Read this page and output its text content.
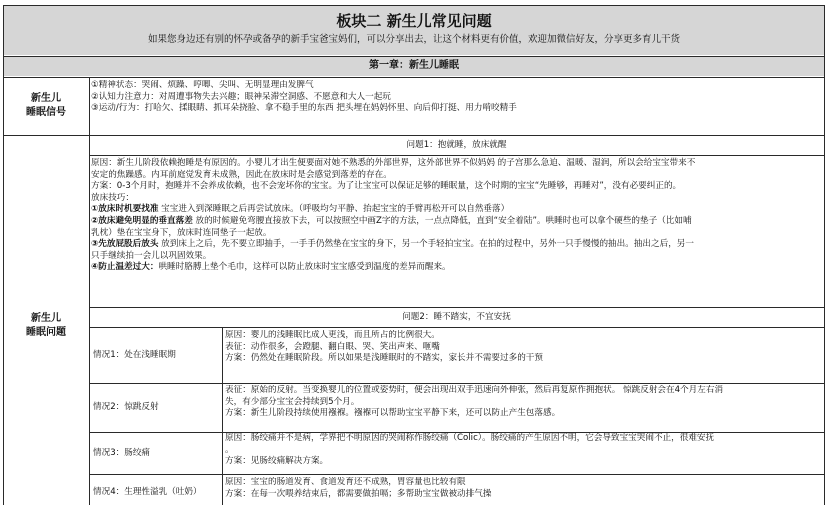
板块二 新生儿常见问题
如果您身边还有别的怀孕或备孕的新手宝爸宝妈们，可以分享出去，让这个材料更有价值，欢迎加微信好友，分享更多育儿干货
第一章：新生儿睡眠
新生儿
睡眠信号
①精神状态：哭闹、烦躁、哼唧、尖叫、无明显理由发脾气
②认知力注意力：对周遭事物失去兴趣；眼神呆滞空洞感、不愿意和大人一起玩
③运动/行为：打哈欠、揉眼睛、抓耳朵挠脸、拿不稳手里的东西 把头埋在妈妈怀里、向后仰打挺、用力啃咬精手
新生儿
睡眠问题
问题1：抱就睡，放床就醒
原因：新生儿阶段依赖抱睡是有原因的。小婴儿才出生便要面对她不熟悉的外部世界，这外部世界不似妈妈 的子宫那么急迫、温暖、湿润，所以会给宝宝带来不
安定的焦躁感。内耳前庭觉发育未成熟，因此在放床时是会感觉到落差的存在。
方案：0-3个月时，抱睡并不会养成依赖，也不会宠坏你的宝宝。为了让宝宝可以保证足够的睡眠量，这个时期的宝宝“先睡够，再睡对”，没有必要纠正的。
放床技巧：
①放床时机要找准 宝宝进入到深睡眠之后再尝试放床。（呼吸均匀平静、抬起宝宝的手臂再松开可以自然垂落）
②放床避免明显的垂直落差 放的时候避免弯腰直接放下去，可以按照空中画Z字的方法，一点点降低，直到“安全着陆”。哄睡时也可以拿个硬些的垫子（比如哺
乳枕）垫在宝宝身下，放床时连同垫子一起放。
③先放屁股后放头 放到床上之后，先不要立即抽手，一手手仍然垫在宝宝的身下，另一个手轻拍宝宝。在拍的过程中，另外一只手慢慢的抽出。抽出之后，另一
只手继续拍一会儿以巩固效果。
④防止温差过大：哄睡时胳膊上垫个毛巾，这样可以防止放床时宝宝感受到温度的差异而醒来。
问题2：睡不踏实，不宜安抚
情况1：处在浅睡眠期
原因：婴儿的浅睡眠比成人更浅，而且所占的比例很大。
表征：动作很多，会蹬腿、翻白眼、哭、笑出声来、咂嘴
方案：仍然处在睡眠阶段。所以如果是浅睡眠时的不踏实，家长并不需要过多的干预
情况2：惊跳反射
表征：原始的反射。当变换婴儿的位置或姿势时，便会出现出双手迅速向外伸张，然后再复原作拥抱状。 惊跳反射会在4个月左右消
失，有少部分宝宝会持续到5个月。
方案：新生儿阶段持续使用襁褓。襁褓可以帮助宝宝平静下来，还可以防止产生包落感。
情况3：肠绞痛
原因：肠绞痛并不是病，学界把不明原因的哭闹称作肠绞痛（Colic）。肠绞痛的产生原因不明，它会导致宝宝哭闹不止，很难安抚
。
方案：见肠绞痛解决方案。
情况4：生理性溢乳（吐奶）
原因：宝宝的肠道发育、食道发育还不成熟，胃容量也比较有限
方案：在每一次喂养结束后，都需要做拍嗝；多帮助宝宝做被动排气操
